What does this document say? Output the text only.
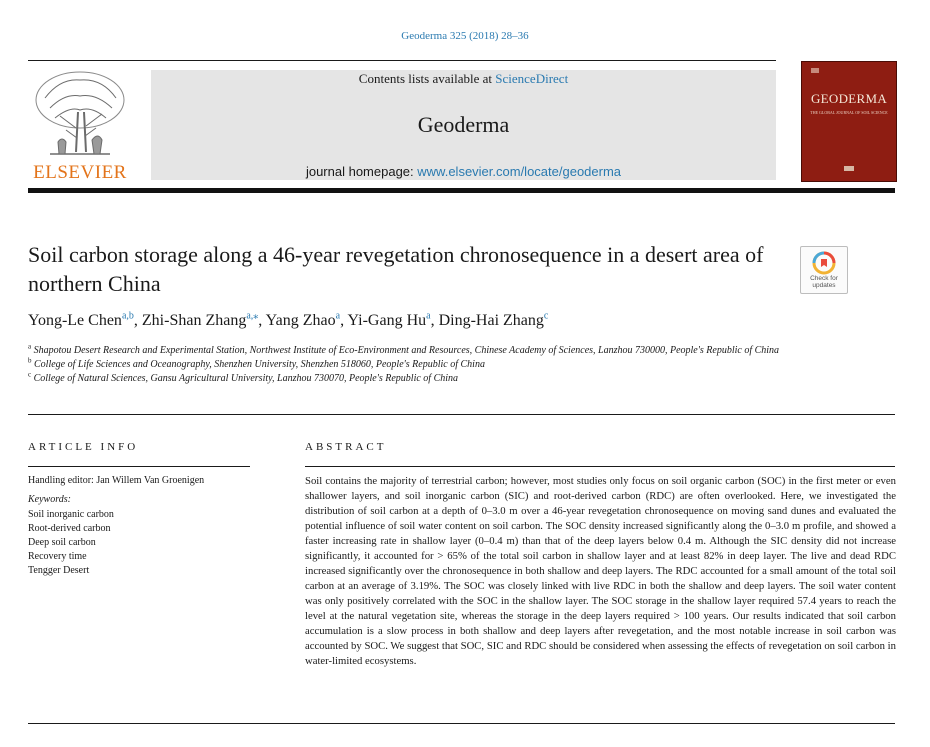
Geoderma 325 (2018) 28–36
ELSEVIER
Contents lists available at ScienceDirect
Geoderma
journal homepage: www.elsevier.com/locate/geoderma
GEODERMA
THE GLOBAL JOURNAL OF SOIL SCIENCE
Soil carbon storage along a 46-year revegetation chronosequence in a desert area of northern China	Check for updates
Yong-Le Chen$^{a,b}$, Zhi-Shan Zhang$^{a,⁎}$, Yang Zhao$^a$, Yi-Gang Hu$^a$, Ding-Hai Zhang$^c$
$^a$ Shapotou Desert Research and Experimental Station, Northwest Institute of Eco-Environment and Resources, Chinese Academy of Sciences, Lanzhou 730000, People's Republic of China
$^b$ College of Life Sciences and Oceanography, Shenzhen University, Shenzhen 518060, People's Republic of China
$^c$ College of Natural Sciences, Gansu Agricultural University, Lanzhou 730070, People's Republic of China
ARTICLE INFO
Handling editor: Jan Willem Van Groenigen
Keywords:
Soil inorganic carbon
Root-derived carbon
Deep soil carbon
Recovery time
Tengger Desert
ABSTRACT
Soil contains the majority of terrestrial carbon; however, most studies only focus on soil organic carbon (SOC) in the first meter or even shallower layers, and soil inorganic carbon (SIC) and root-derived carbon (RDC) are often overlooked. Here, we investigated the distribution of soil carbon at a depth of 0–3.0 m over a 46-year revegetation chronosequence on moving sand dunes and evaluated the potential influence of soil water content on soil carbon. The SOC density increased significantly along the 0–3.0 m profile, and showed a faster increasing rate in shallow layer (0–0.4 m) than that of the deep layers below 0.4 m. Although the SIC density did not increase significantly, it accounted for > 65% of the total soil carbon in shallow layer and at least 82% in deep layer. The live and dead RDC increased significantly over the chronosequence in both shallow and deep layers. The RDC accounted for a small amount of the total soil carbon at an average of 3.19%. The SOC was closely linked with live RDC in both the shallow and deep layers. The soil water content was only positively correlated with the SOC in the shallow layer. The SOC storage in the shallow layer required 57.4 years to reach the level at the natural vegetation site, whereas the storage in the deep layers required > 100 years. Our results indicated that soil carbon accumulation is a slow process in both shallow and deep layers after revegetation, and the most notable increase in soil carbon was accounted by SOC. We suggest that SOC, SIC and RDC should be considered when assessing the effects of revegetation on soil carbon in water-limited ecosystems.
